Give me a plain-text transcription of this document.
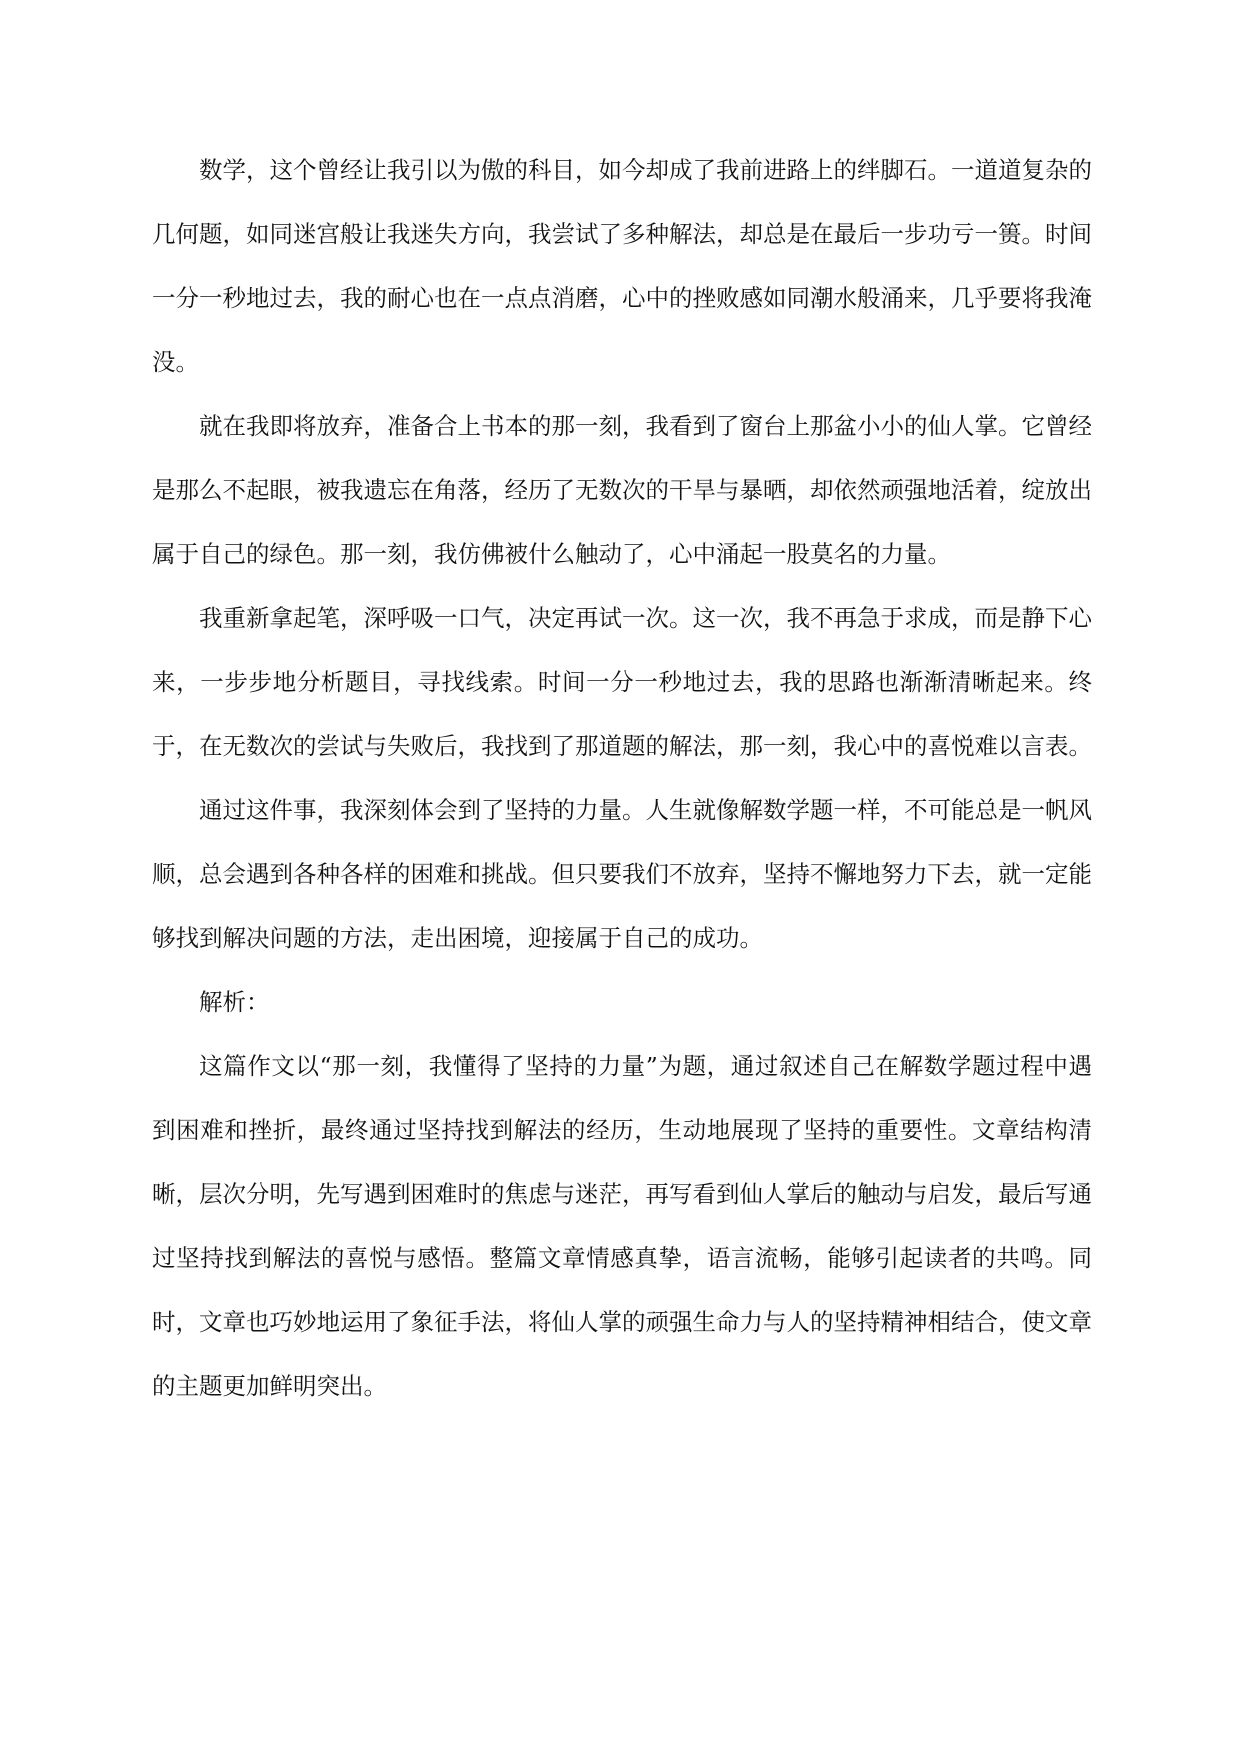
数学，这个曾经让我引以为傲的科目，如今却成了我前进路上的绊脚石。一道道复杂的几何题，如同迷宫般让我迷失方向，我尝试了多种解法，却总是在最后一步功亏一篑。时间一分一秒地过去，我的耐心也在一点点消磨，心中的挫败感如同潮水般涌来，几乎要将我淹没。

就在我即将放弃，准备合上书本的那一刻，我看到了窗台上那盆小小的仙人掌。它曾经是那么不起眼，被我遗忘在角落，经历了无数次的干旱与暴晒，却依然顽强地活着，绽放出属于自己的绿色。那一刻，我仿佛被什么触动了，心中涌起一股莫名的力量。

我重新拿起笔，深呼吸一口气，决定再试一次。这一次，我不再急于求成，而是静下心来，一步步地分析题目，寻找线索。时间一分一秒地过去，我的思路也渐渐清晰起来。终于，在无数次的尝试与失败后，我找到了那道题的解法，那一刻，我心中的喜悦难以言表。

通过这件事，我深刻体会到了坚持的力量。人生就像解数学题一样，不可能总是一帆风顺，总会遇到各种各样的困难和挑战。但只要我们不放弃，坚持不懈地努力下去，就一定能够找到解决问题的方法，走出困境，迎接属于自己的成功。

解析：

这篇作文以“那一刻，我懂得了坚持的力量”为题，通过叙述自己在解数学题过程中遇到困难和挫折，最终通过坚持找到解法的经历，生动地展现了坚持的重要性。文章结构清晰，层次分明，先写遇到困难时的焦虑与迷茫，再写看到仙人掌后的触动与启发，最后写通过坚持找到解法的喜悦与感悟。整篇文章情感真挚，语言流畅，能够引起读者的共鸣。同时，文章也巧妙地运用了象征手法，将仙人掌的顽强生命力与人的坚持精神相结合，使文章的主题更加鲜明突出。
